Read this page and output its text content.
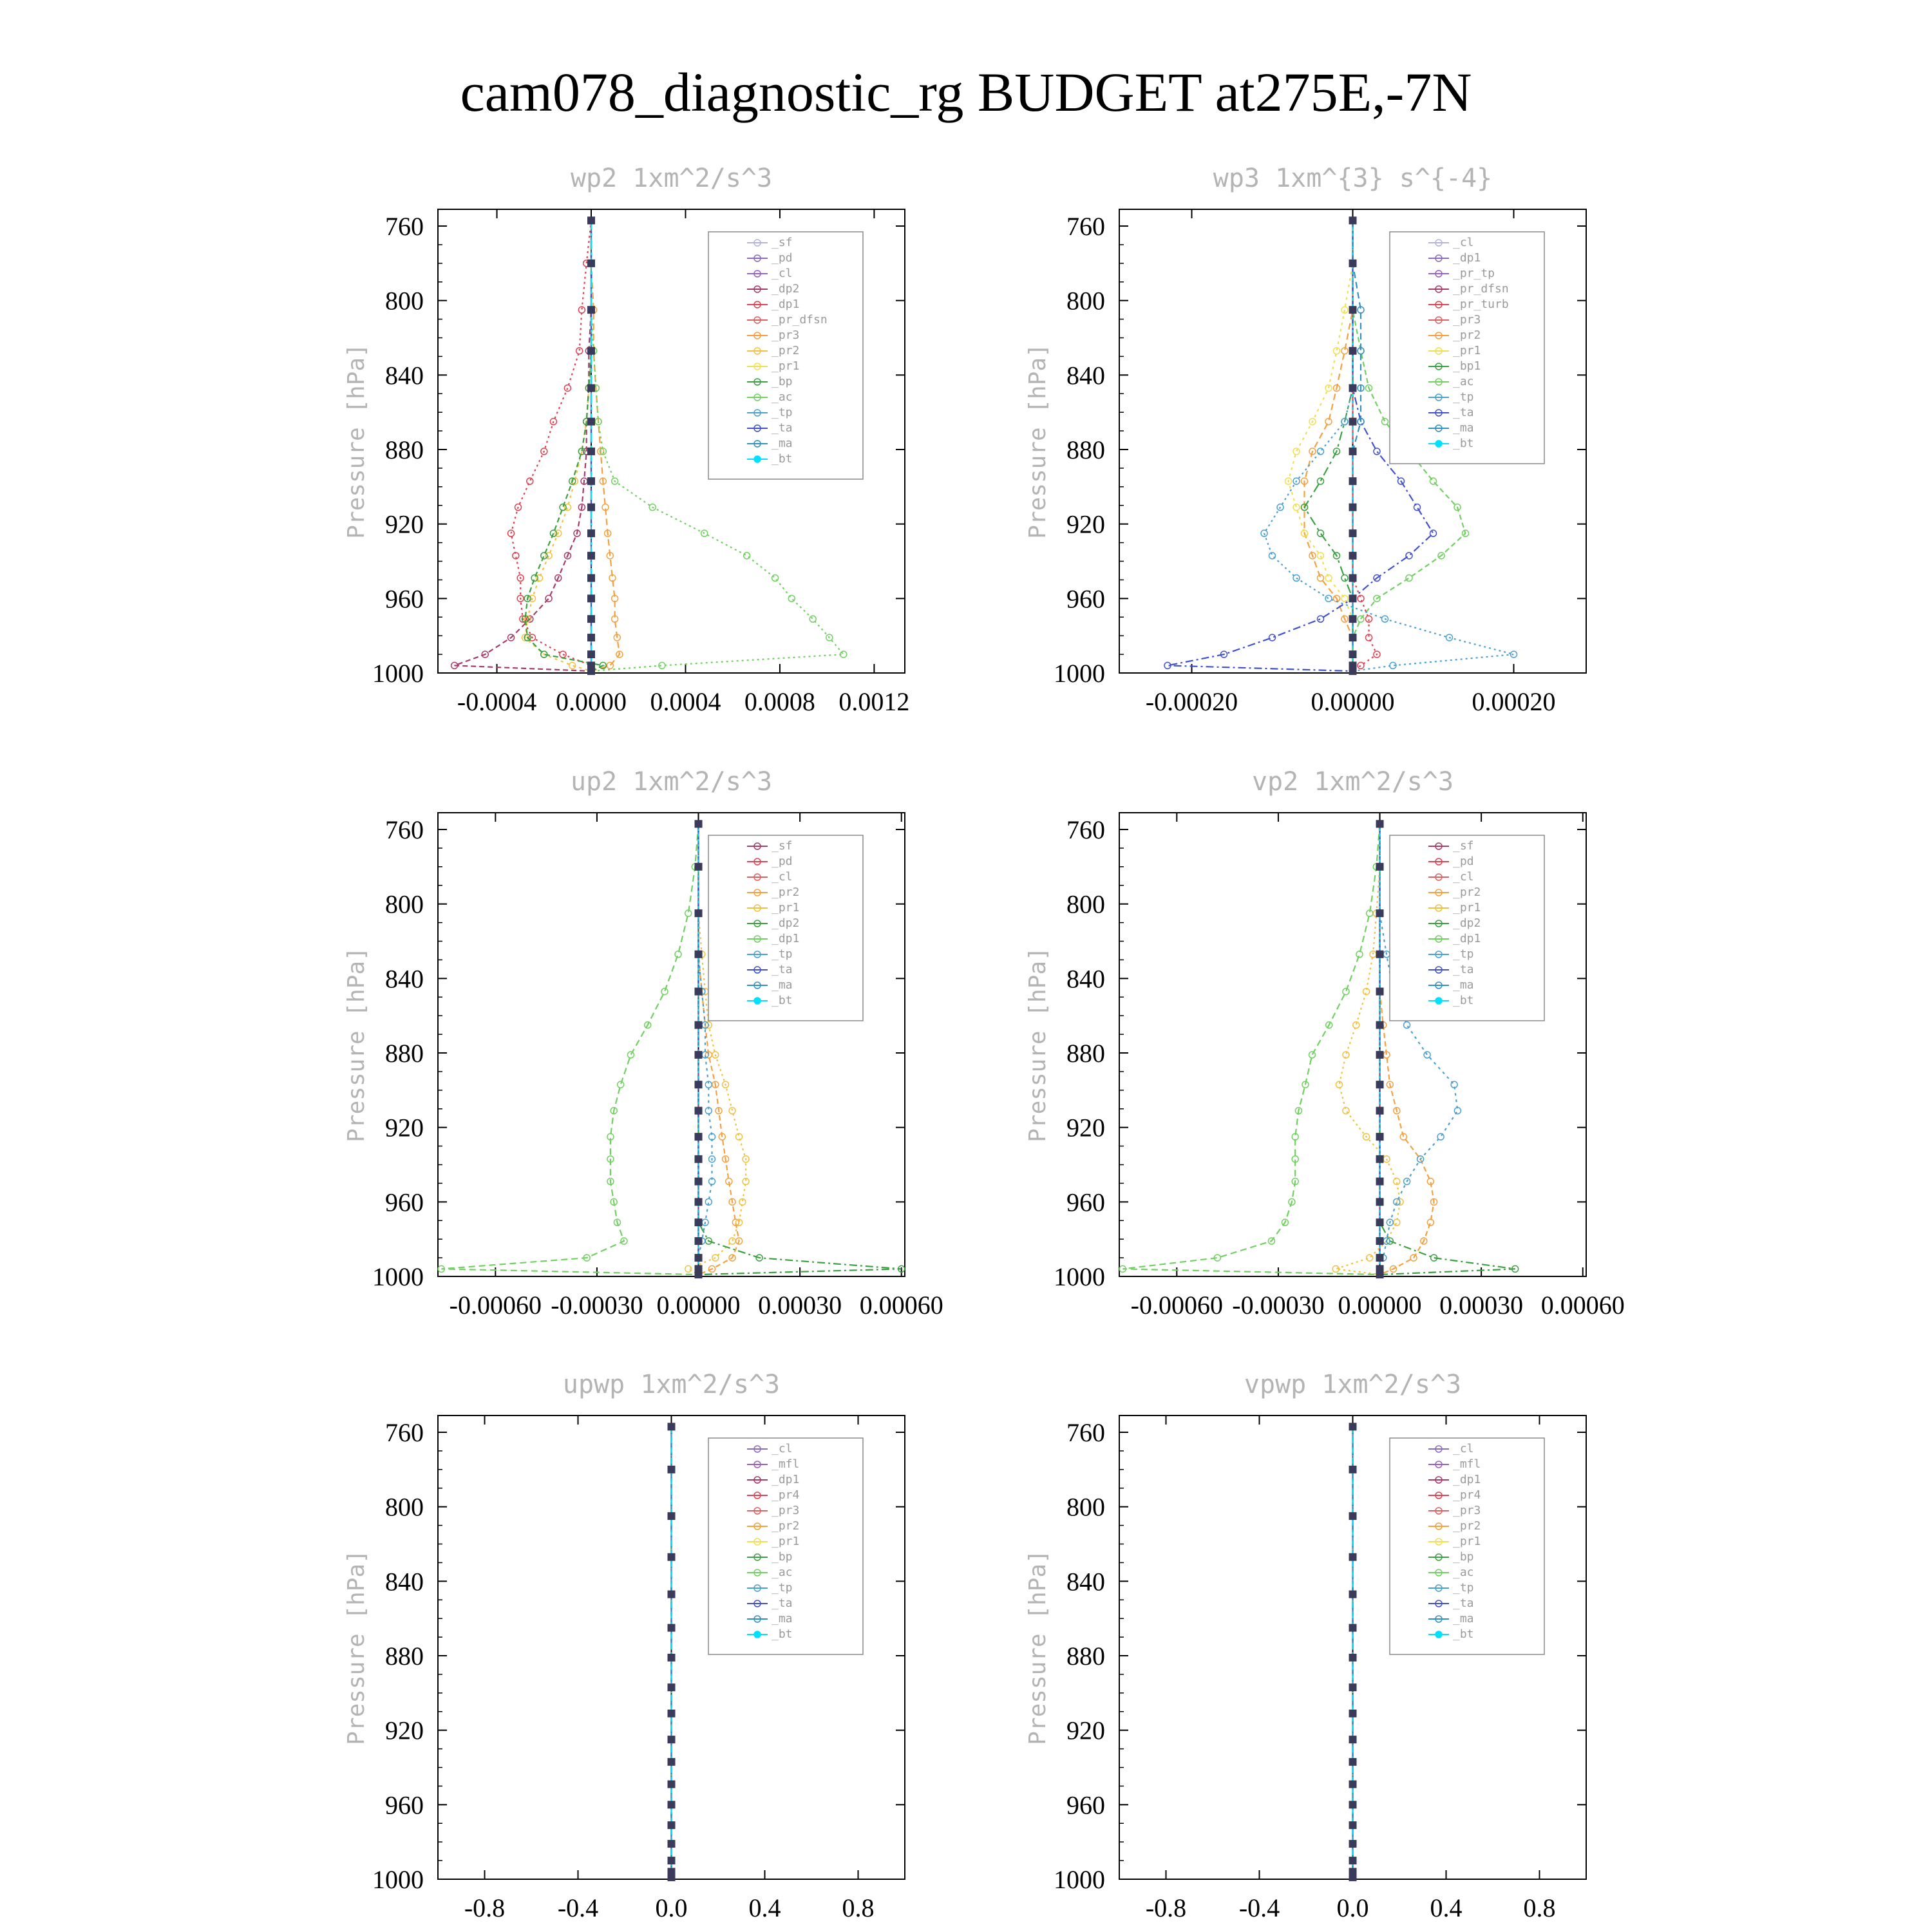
cam078_diagnostic_rg BUDGET at275E,-7N
wp2 1xm^2/s^3
Pressure [hPa]
760
800
840
880
920
960
1000
-0.0004 0.0000 0.0004 0.0008 0.0012
_sf
_pd
_cl
_dp2
_dp1
_pr_dfsn
_pr3
_pr2
_pr1
_bp
_ac
_tp
_ta
_ma
_bt
wp3 1xm^{3} s^{-4}
Pressure [hPa]
760
800
840
880
920
960
1000
-0.00020	0.00000	0.00020
_cl
_dp1
_pr_tp
_pr_dfsn
_pr_turb
_pr3
_pr2
_pr1
_bp1
_ac
_tp
_ta
_ma
_bt
up2 1xm^2/s^3
Pressure [hPa]
760
800
840
880
920
960
1000
-0.00060 -0.00030 0.00000 0.00030 0.00060
_sf
_pd
_cl
_pr2
_pr1
_dp2
_dp1
_tp
_ta
_ma
_bt
vp2 1xm^2/s^3
Pressure [hPa]
760
800
840
880
920
960
1000
-0.00060 -0.00030 0.00000 0.00030 0.00060
_sf
_pd
_cl
_pr2
_pr1
_dp2
_dp1
_tp
_ta
_ma
_bt
upwp 1xm^2/s^3
Pressure [hPa]
760
800
840
880
920
960
1000
-0.8 -0.4 0.0 0.4 0.8
_cl
_mfl
_dp1
_pr4
_pr3
_pr2
_pr1
_bp
_ac
_tp
_ta
_ma
_bt
vpwp 1xm^2/s^3
Pressure [hPa]
760
800
840
880
920
960
1000
-0.8 -0.4 0.0 0.4 0.8
_cl
_mfl
_dp1
_pr4
_pr3
_pr2
_pr1
_bp
_ac
_tp
_ta
_ma
_bt
